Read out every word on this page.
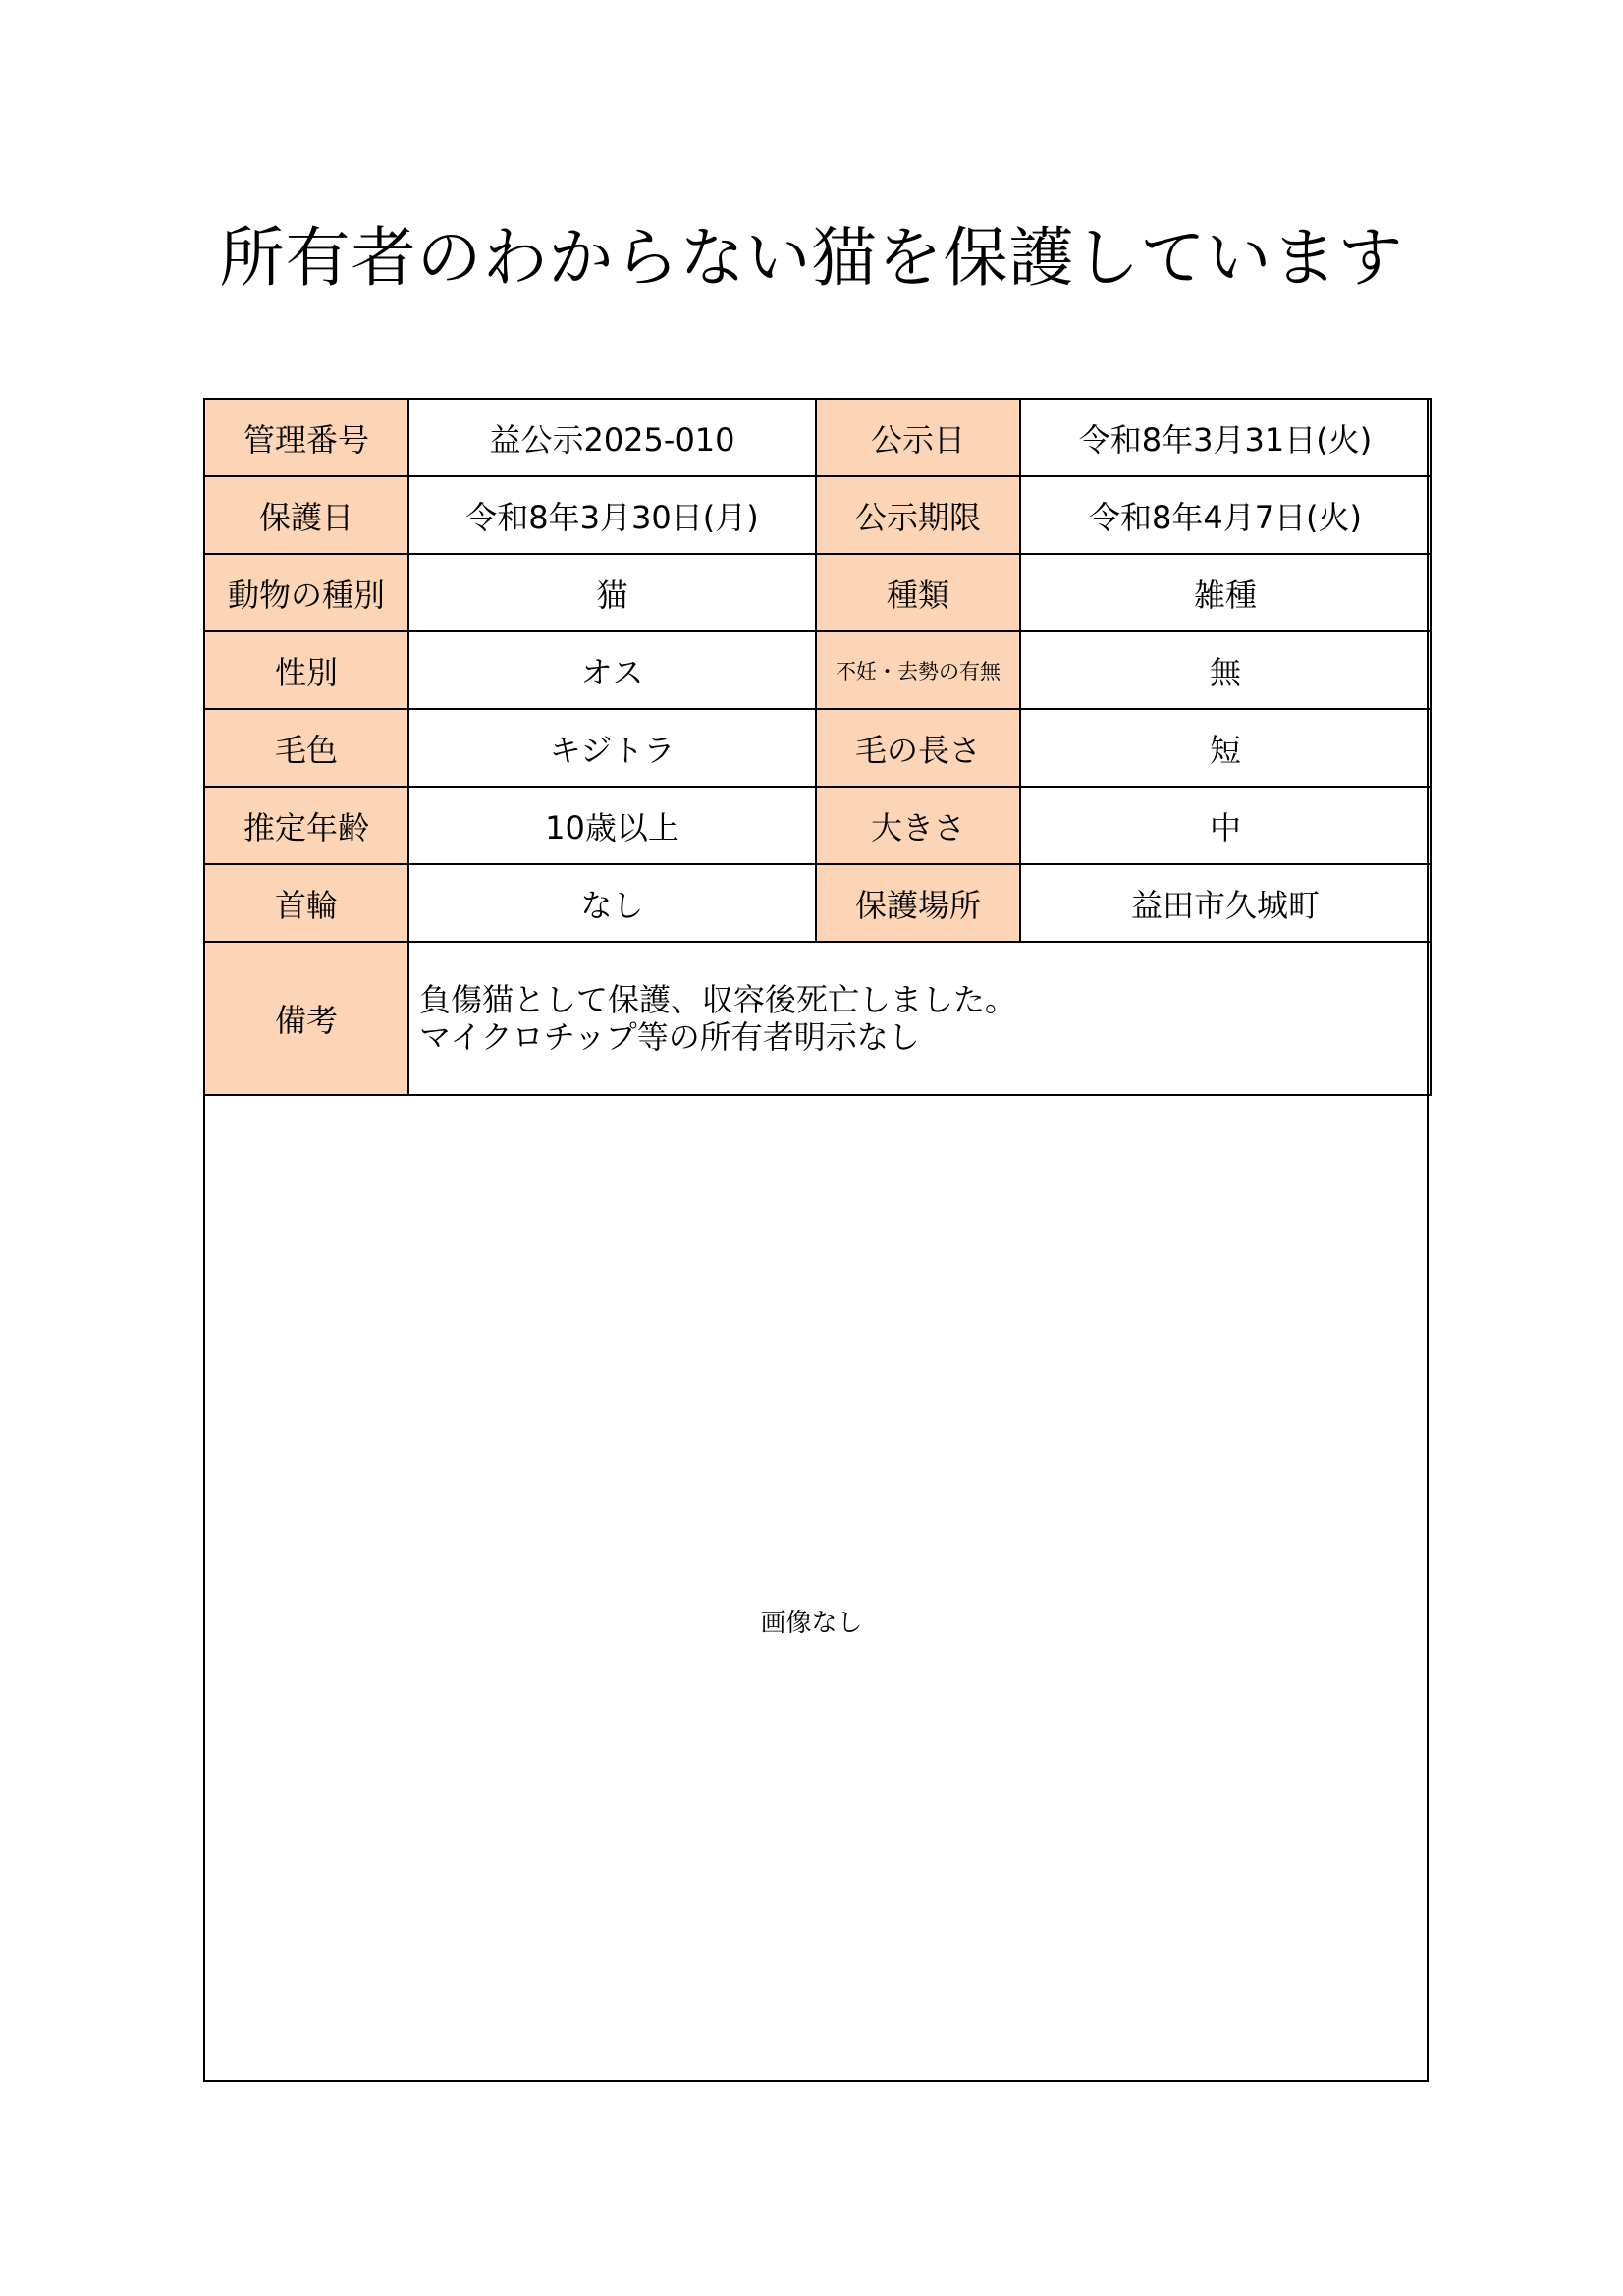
所有者のわからない猫を保護しています
管理番号	益公示2025-010	公示日	令和8年3月31日(火)
保護日	令和8年3月30日(月)	公示期限	令和8年4月7日(火)
動物の種別	猫	種類	雑種
性別	オス	不妊・去勢の有無	無
毛色	キジトラ	毛の長さ	短
推定年齢	10歳以上	大きさ	中
首輪	なし	保護場所	益田市久城町
備考	負傷猫として保護、収容後死亡しました。
マイクロチップ等の所有者明示なし		
画像なし
